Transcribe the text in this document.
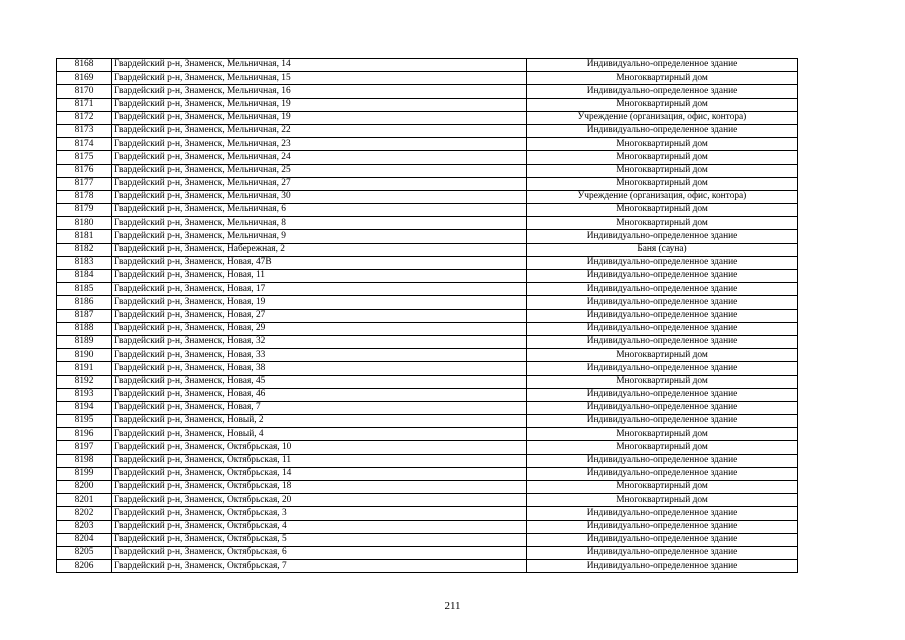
8168	Гвардейский р-н, Знаменск, Мельничная, 14	Индивидуально-определенное здание
8169	Гвардейский р-н, Знаменск, Мельничная, 15	Многоквартирный дом
8170	Гвардейский р-н, Знаменск, Мельничная, 16	Индивидуально-определенное здание
8171	Гвардейский р-н, Знаменск, Мельничная, 19	Многоквартирный дом
8172	Гвардейский р-н, Знаменск, Мельничная, 19	Учреждение (организация, офис, контора)
8173	Гвардейский р-н, Знаменск, Мельничная, 22	Индивидуально-определенное здание
8174	Гвардейский р-н, Знаменск, Мельничная, 23	Многоквартирный дом
8175	Гвардейский р-н, Знаменск, Мельничная, 24	Многоквартирный дом
8176	Гвардейский р-н, Знаменск, Мельничная, 25	Многоквартирный дом
8177	Гвардейский р-н, Знаменск, Мельничная, 27	Многоквартирный дом
8178	Гвардейский р-н, Знаменск, Мельничная, 30	Учреждение (организация, офис, контора)
8179	Гвардейский р-н, Знаменск, Мельничная, 6	Многоквартирный дом
8180	Гвардейский р-н, Знаменск, Мельничная, 8	Многоквартирный дом
8181	Гвардейский р-н, Знаменск, Мельничная, 9	Индивидуально-определенное здание
8182	Гвардейский р-н, Знаменск, Набережная, 2	Баня (сауна)
8183	Гвардейский р-н, Знаменск, Новая, 47В	Индивидуально-определенное здание
8184	Гвардейский р-н, Знаменск, Новая, 11	Индивидуально-определенное здание
8185	Гвардейский р-н, Знаменск, Новая, 17	Индивидуально-определенное здание
8186	Гвардейский р-н, Знаменск, Новая, 19	Индивидуально-определенное здание
8187	Гвардейский р-н, Знаменск, Новая, 27	Индивидуально-определенное здание
8188	Гвардейский р-н, Знаменск, Новая, 29	Индивидуально-определенное здание
8189	Гвардейский р-н, Знаменск, Новая, 32	Индивидуально-определенное здание
8190	Гвардейский р-н, Знаменск, Новая, 33	Многоквартирный дом
8191	Гвардейский р-н, Знаменск, Новая, 38	Индивидуально-определенное здание
8192	Гвардейский р-н, Знаменск, Новая, 45	Многоквартирный дом
8193	Гвардейский р-н, Знаменск, Новая, 46	Индивидуально-определенное здание
8194	Гвардейский р-н, Знаменск, Новая, 7	Индивидуально-определенное здание
8195	Гвардейский р-н, Знаменск, Новый, 2	Индивидуально-определенное здание
8196	Гвардейский р-н, Знаменск, Новый, 4	Многоквартирный дом
8197	Гвардейский р-н, Знаменск, Октябрьская, 10	Многоквартирный дом
8198	Гвардейский р-н, Знаменск, Октябрьская, 11	Индивидуально-определенное здание
8199	Гвардейский р-н, Знаменск, Октябрьская, 14	Индивидуально-определенное здание
8200	Гвардейский р-н, Знаменск, Октябрьская, 18	Многоквартирный дом
8201	Гвардейский р-н, Знаменск, Октябрьская, 20	Многоквартирный дом
8202	Гвардейский р-н, Знаменск, Октябрьская, 3	Индивидуально-определенное здание
8203	Гвардейский р-н, Знаменск, Октябрьская, 4	Индивидуально-определенное здание
8204	Гвардейский р-н, Знаменск, Октябрьская, 5	Индивидуально-определенное здание
8205	Гвардейский р-н, Знаменск, Октябрьская, 6	Индивидуально-определенное здание
8206	Гвардейский р-н, Знаменск, Октябрьская, 7	Индивидуально-определенное здание
211
